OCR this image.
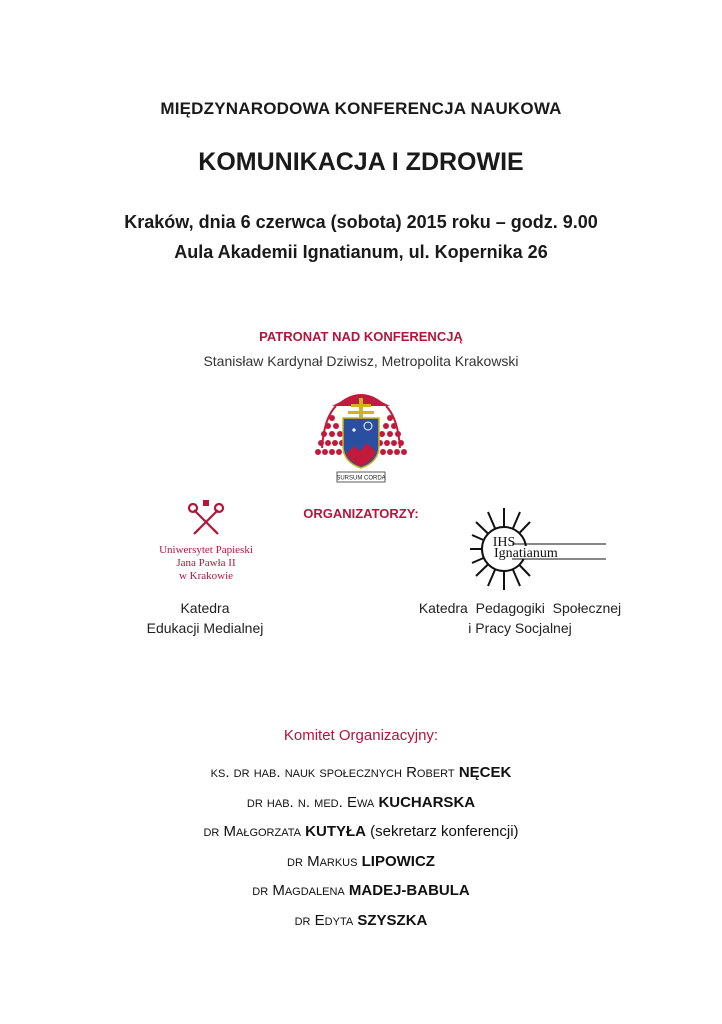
MIĘDZYNARODOWA KONFERENCJA NAUKOWA
KOMUNIKACJA I ZDROWIE
Kraków, dnia 6 czerwca (sobota) 2015 roku – godz. 9.00
Aula Akademii Ignatianum, ul. Kopernika 26
PATRONAT NAD KONFERENCJĄ
Stanisław Kardynał Dziwisz, Metropolita Krakowski
SURSUM CORDA
ORGANIZATORZY:
Uniwersytet Papieski
Jana Pawła II
w Krakowie
IHS
Ignatianum
Katedra
Edukacji Medialnej
Katedra  Pedagogiki  Społecznej
i Pracy Socjalnej
Komitet Organizacyjny:
ks. dr hab. nauk społecznych Robert NĘCEK
dr hab. n. med. Ewa KUCHARSKA
dr Małgorzata KUTYŁA (sekretarz konferencji)
dr Markus LIPOWICZ
dr Magdalena MADEJ-BABULA
dr Edyta SZYSZKA
